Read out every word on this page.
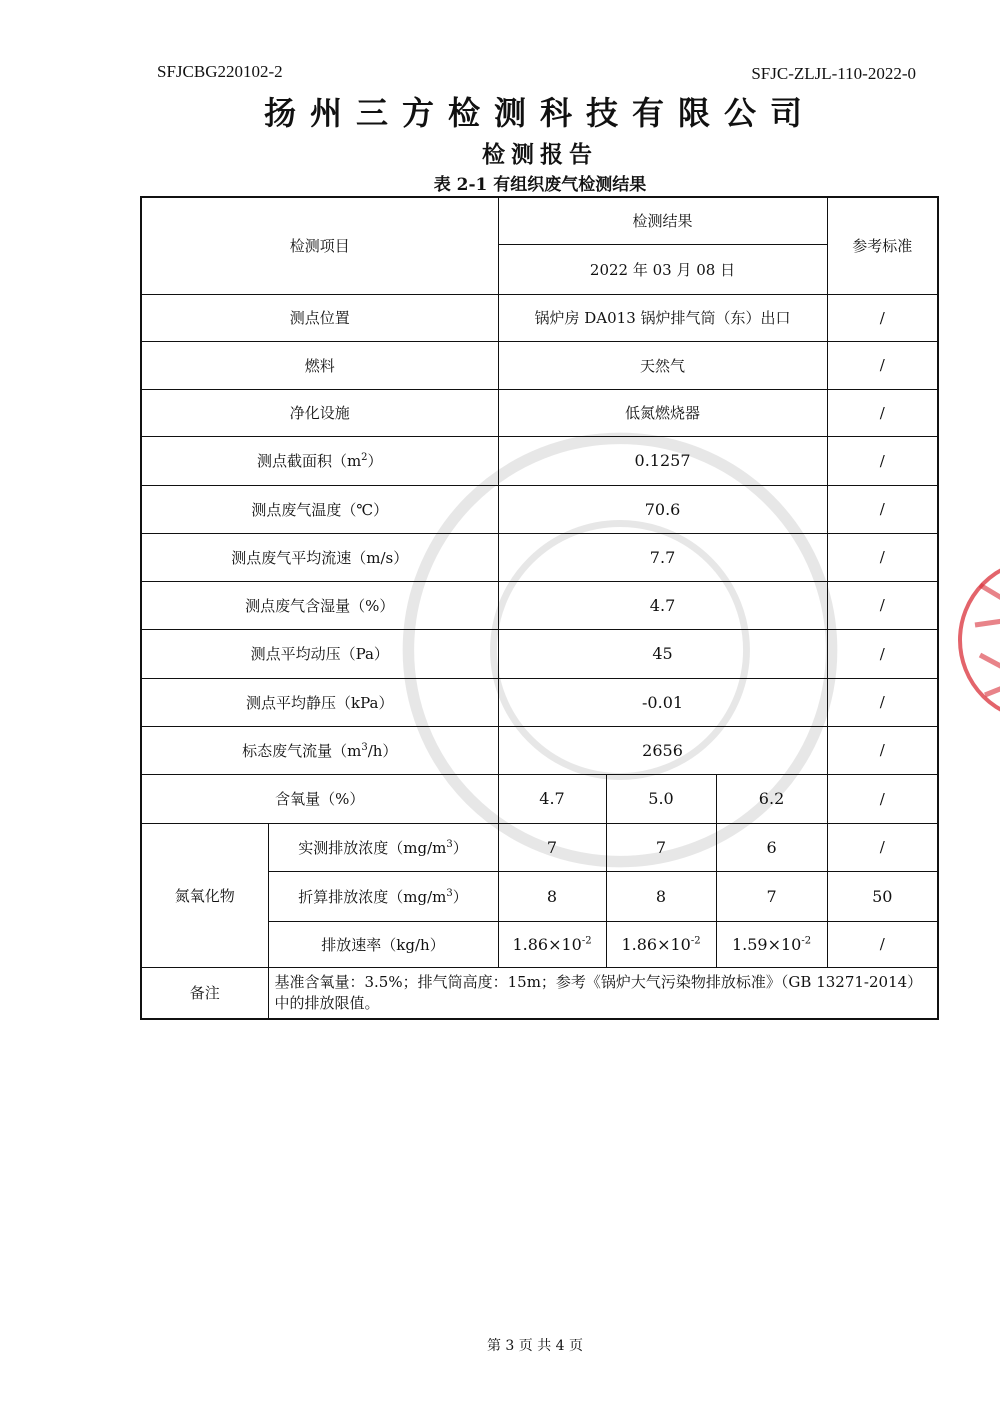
SFJCBG220102-2	SFJC-ZLJL-110-2022-0
扬州三方检测科技有限公司
检测报告
表 2-1 有组织废气检测结果
检测项目		检测结果			参考标准
		2022 年 03 月 08 日			
测点位置		锅炉房 DA013 锅炉排气筒（东）出口			/
燃料		天然气			/
净化设施		低氮燃烧器			/
测点截面积$(m^2)$		0.1257			/
测点废气温度（℃）		70.6			/
测点废气平均流速（m/s）		7.7			/
测点废气含湿量（%）		4.7			/
测点平均动压（Pa）		45			/
测点平均静压（kPa）		-0.01			/
标态废气流量$(m^3/h)$		2656			/
含氧量（%）		4.7	5.0	6.2	/
氮氧化物	实测排放浓度$(mg/m^3)$	7	7	6	/
	折算排放浓度$(mg/m^3)$	8	8	7	50
	排放速率（kg/h）	$1.86\times 10^{-2}$	$1.86\times 10^{-2}$	$1.59\times 10^{-2}$	/
备注	基准含氧量：3.5%；排气筒高度：15m；参考《锅炉大气污染物排放标准》（GB 13271-2014）中的排放限值。				
第 3 页 共 4 页
